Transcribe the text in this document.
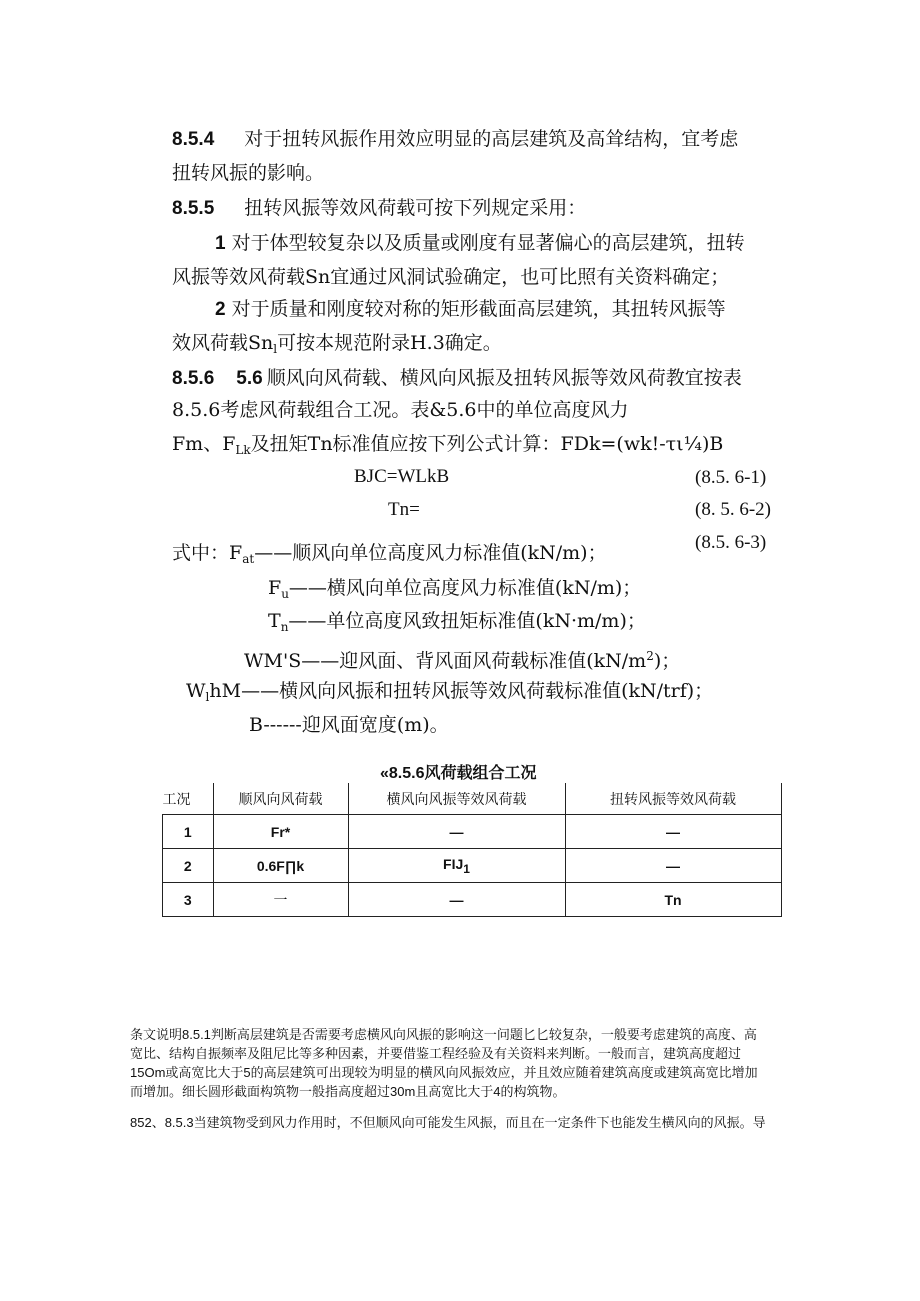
8.5.4 对于扭转风振作用效应明显的高层建筑及高耸结构，宜考虑
扭转风振的影响。
8.5.5 扭转风振等效风荷载可按下列规定采用：
1 对于体型较复杂以及质量或刚度有显著偏心的高层建筑，扭转
风振等效风荷载Sn宜通过风洞试验确定，也可比照有关资料确定；
2 对于质量和刚度较对称的矩形截面高层建筑，其扭转风振等
效风荷载$Sn_l$可按本规范附录H.3确定。
8.5.6 5.6 顺风向风荷载、横风向风振及扭转风振等效风荷教宜按表
8.5.6考虑风荷载组合工况。表&5.6中的单位高度风力
Fm、$F_{Lk}$及扭矩Tn标准值应按下列公式计算：FDk=(wk!-τι¼)B
BJC=WLkB
Tn=
(8.5. 6-1)
(8. 5. 6-2)
(8.5. 6-3)
式中：$F_{at}——$顺风向单位高度风力标准值(kN/m)；
$F_u——$横风向单位高度风力标准值(kN/m)；
$T_n——$单位高度风致扭矩标准值(kN·m/m)；
WM'S——迎风面、背风面风荷载标准值$(kN/m^2)$；
$W_lhM——$横风向风振和扭转风振等效风荷载标准值(kN/trf)；
B------迎风面宽度(m)。
«8.5.6风荷载组合工况
工况	顺风向风荷载	横风向风振等效风荷载	扭转风振等效风荷载
1	Fr*	—	—
2	0.6F∏k	FIJ1	—
3	一	—	Tn
条文说明8.5.1判断高层建筑是否需要考虑横风向风振的影响这一问题匕匕较复杂，一般要考虑建筑的高度、高
宽比、结构自振频率及阻尼比等多种因素，并要借鉴工程经验及有关资料来判断。一般而言，建筑高度超过
15Om或高宽比大于5的高层建筑可出现较为明显的横风向风振效应，并且效应随着建筑高度或建筑高宽比增加
而增加。细长圆形截面构筑物一般指高度超过30m且高宽比大于4的构筑物。
852、8.5.3当建筑物受到风力作用时，不但顺风向可能发生风振，而且在一定条件下也能发生横风向的风振。导
